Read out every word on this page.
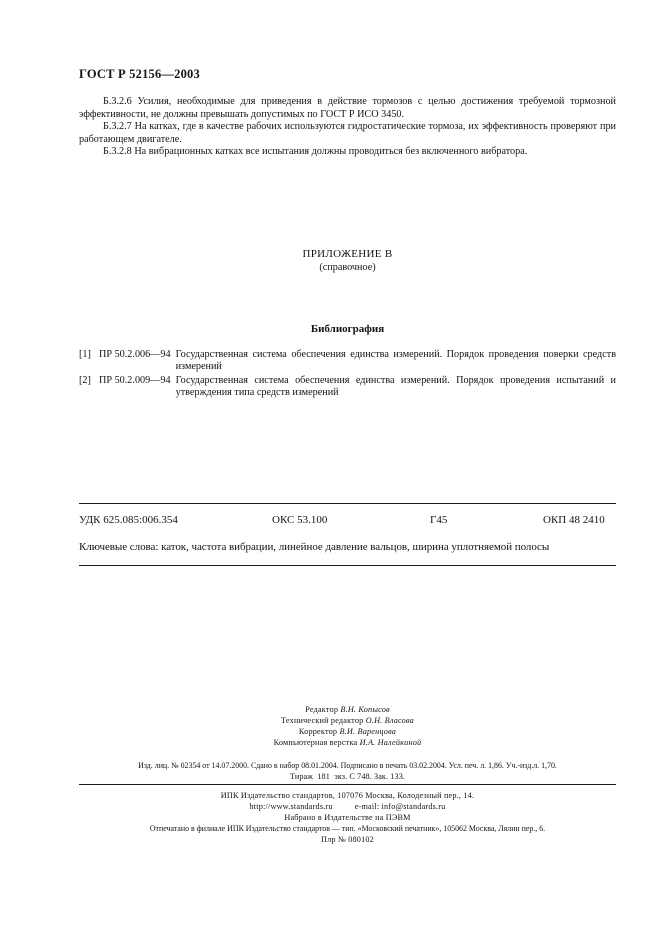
ГОСТ Р 52156—2003

Б.3.2.6 Усилия, необходимые для приведения в действие тормозов с целью достижения требуемой тормозной эффективности, не должны превышать допустимых по ГОСТ Р ИСО 3450.

Б.3.2.7 На катках, где в качестве рабочих используются гидростатические тормоза, их эффективность проверяют при работающем двигателе.

Б.3.2.8 На вибрационных катках все испытания должны проводиться без включенного вибратора.

ПРИЛОЖЕНИЕ В
(справочное)
Библиография
[1] ПР 50.2.006—94 Государственная система обеспечения единства измерений. Порядок проведения поверки средств измерений
[2] ПР 50.2.009—94 Государственная система обеспечения единства измерений. Порядок проведения испытаний и утверждения типа средств измерений
УДК 625.085:006.354	ОКС 53.100	Г45	ОКП 48 2410
Ключевые слова: каток, частота вибрации, линейное давление вальцов, ширина уплотняемой полосы
Редактор В.Н. Копысов
Технический редактор О.Н. Власова
Корректор В.И. Варенцова
Компьютерная верстка И.А. Налейкиной
Изд. лиц. № 02354 от 14.07.2000. Сдано в набор 08.01.2004. Подписано в печать 03.02.2004. Усл. печ. л. 1,86. Уч.-изд.л. 1,70.
Тираж  181  экз. С 748. Зак. 133.
ИПК Издательство стандартов, 107076 Москва, Колодезный пер., 14.
http://www.standards.ru	e-mail: info@standards.ru
Набрано в Издательстве на ПЭВМ
Отпечатано в филиале ИПК Издательство стандартов — тип. «Московский печатник», 105062 Москва, Лялин пер., 6.
Плр № 080102
